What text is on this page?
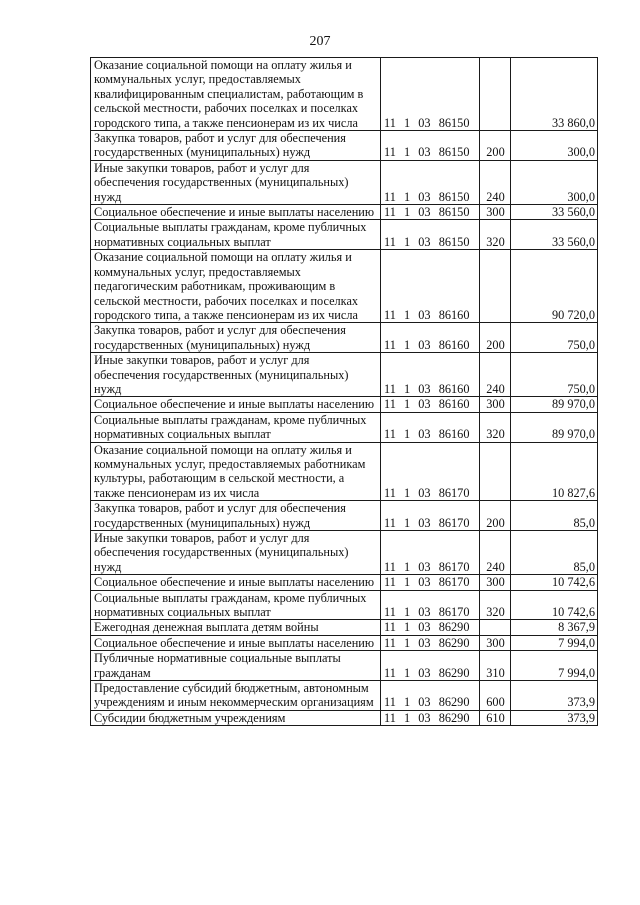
207
Оказание социальной помощи на оплату жилья и коммунальных услуг, предоставляемых квалифицированным специалистам, работающим в сельской местности, рабочих поселках и поселках городского типа, а также пенсионерам из их числа	11  1  03  86150		33 860,0
Закупка товаров, работ и услуг для обеспечения государственных (муниципальных) нужд	11  1  03  86150	200	300,0
Иные закупки товаров, работ и услуг для обеспечения государственных (муниципальных) нужд	11  1  03  86150	240	300,0
Социальное обеспечение и иные выплаты населению	11  1  03  86150	300	33 560,0
Социальные выплаты гражданам, кроме публичных нормативных социальных выплат	11  1  03  86150	320	33 560,0
Оказание социальной помощи на оплату жилья и коммунальных услуг, предоставляемых педагогическим работникам, проживающим в сельской местности, рабочих поселках и поселках городского типа, а также пенсионерам из их числа	11  1  03  86160		90 720,0
Закупка товаров, работ и услуг для обеспечения государственных (муниципальных) нужд	11  1  03  86160	200	750,0
Иные закупки товаров, работ и услуг для обеспечения государственных (муниципальных) нужд	11  1  03  86160	240	750,0
Социальное обеспечение и иные выплаты населению	11  1  03  86160	300	89 970,0
Социальные выплаты гражданам, кроме публичных нормативных социальных выплат	11  1  03  86160	320	89 970,0
Оказание социальной помощи на оплату жилья и коммунальных услуг, предоставляемых работникам культуры, работающим в сельской местности, а также пенсионерам из их числа	11  1  03  86170		10 827,6
Закупка товаров, работ и услуг для обеспечения государственных (муниципальных) нужд	11  1  03  86170	200	85,0
Иные закупки товаров, работ и услуг для обеспечения государственных (муниципальных) нужд	11  1  03  86170	240	85,0
Социальное обеспечение и иные выплаты населению	11  1  03  86170	300	10 742,6
Социальные выплаты гражданам, кроме публичных нормативных социальных выплат	11  1  03  86170	320	10 742,6
Ежегодная денежная выплата детям войны	11  1  03  86290		8 367,9
Социальное обеспечение и иные выплаты населению	11  1  03  86290	300	7 994,0
Публичные нормативные социальные выплаты гражданам	11  1  03  86290	310	7 994,0
Предоставление субсидий бюджетным, автономным учреждениям и иным некоммерческим организациям	11  1  03  86290	600	373,9
Субсидии бюджетным учреждениям	11  1  03  86290	610	373,9
